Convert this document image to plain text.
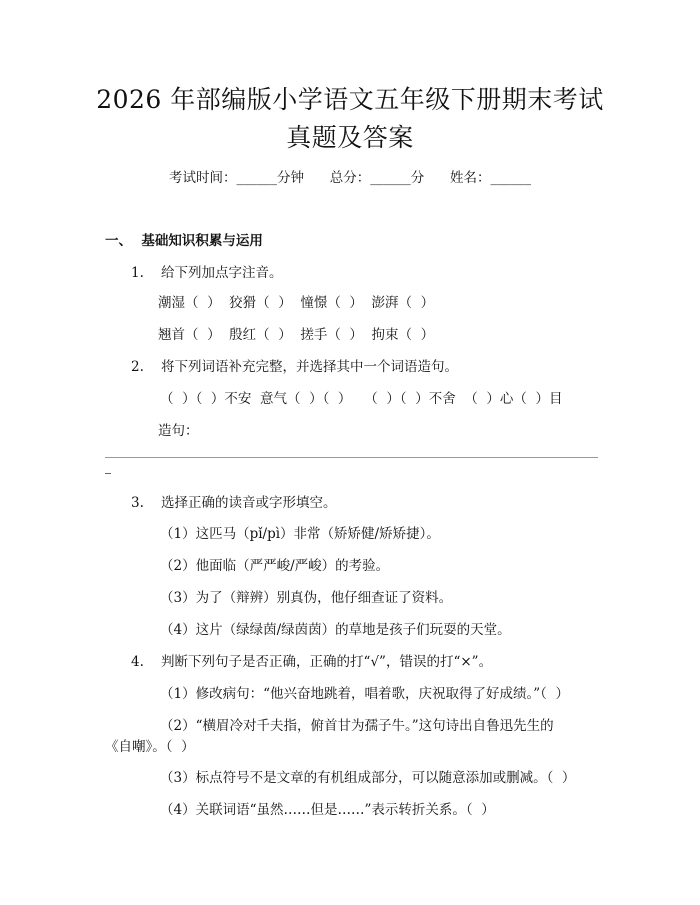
2026 年部编版小学语文五年级下册期末考试
真题及答案
考试时间：______分钟      总分：______分      姓名：______
一、  基础知识积累与运用
1.    给下列加点字注音。
潮湿（  ）  狡猾（  ）  憧憬（  ）  澎湃（  ）
翘首（  ）  殷红（  ）  搓手（  ）  拘束（  ）
2.    将下列词语补充完整，并选择其中一个词语造句。
（  ）（  ）不安  意气（  ）（  ）   （  ）（  ）不舍  （  ）心（  ）目
造句：
3.    选择正确的读音或字形填空。
（1）这匹马（pǐ/pì）非常（矫矫健/矫矫捷）。
（2）他面临（严严峻/严峻）的考验。
（3）为了（辩辨）别真伪，他仔细查证了资料。
（4）这片（绿绿茵/绿茵茵）的草地是孩子们玩耍的天堂。
4.    判断下列句子是否正确，正确的打“√”，错误的打“×”。
（1）修改病句：“他兴奋地跳着，唱着歌，庆祝取得了好成绩。”（  ）
（2）“横眉冷对千夫指，俯首甘为孺子牛。”这句诗出自鲁迅先生的
《自嘲》。（  ）
（3）标点符号不是文章的有机组成部分，可以随意添加或删减。（  ）
（4）关联词语“虽然……但是……”表示转折关系。（  ）
